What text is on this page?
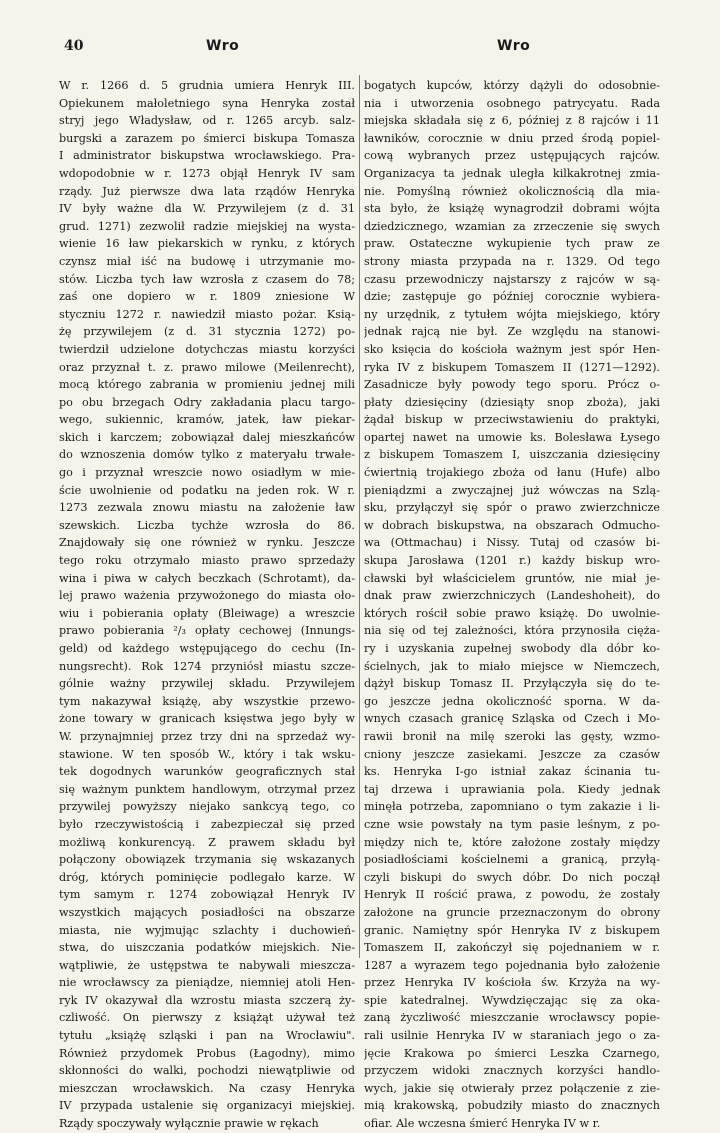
40	Wro	Wro
W r. 1266 d. 5 grudnia umiera Henryk III.
Opiekunem małoletniego syna Henryka został
stryj jego Władysław, od r. 1265 arcyb. salz-
burgski a zarazem po śmierci biskupa Tomasza
I administrator biskupstwa wrocławskiego. Pra-
wdopodobnie w r. 1273 objął Henryk IV sam
rządy. Już pierwsze dwa lata rządów Henryka
IV były ważne dla W. Przywilejem (z d. 31
grud. 1271) zezwolił radzie miejskiej na wysta-
wienie 16 ław piekarskich w rynku, z których
czynsz miał iść na budowę i utrzymanie mo-
stów. Liczba tych ław wzrosła z czasem do 78;
zaś one dopiero w r. 1809 zniesione W
styczniu 1272 r. nawiedził miasto pożar. Ksią-
żę przywilejem (z d. 31 stycznia 1272) po-
twierdził udzielone dotychczas miastu korzyści
oraz przyznał t. z. prawo milowe (Meilenrecht),
mocą którego zabrania w promieniu jednej mili
po obu brzegach Odry zakładania placu targo-
wego, sukiennic, kramów, jatek, ław piekar-
skich i karczem; zobowiązał dalej mieszkańców
do wznoszenia domów tylko z materyału trwałe-
go i przyznał wreszcie nowo osiadłym w mie-
ście uwolnienie od podatku na jeden rok. W r.
1273 zezwala znowu miastu na założenie ław
szewskich. Liczba tychże wzrosła do 86.
Znajdowały się one również w rynku. Jeszcze
tego roku otrzymało miasto prawo sprzedaży
wina i piwa w całych beczkach (Schrotamt), da-
lej prawo ważenia przywożonego do miasta oło-
wiu i pobierania opłaty (Bleiwage) a wreszcie
prawo pobierania ²/₃ opłaty cechowej (Innungs-
geld) od każdego wstępującego do cechu (In-
nungsrecht). Rok 1274 przyniósł miastu szcze-
gólnie ważny przywilej składu. Przywilejem
tym nakazywał książę, aby wszystkie przewo-
żone towary w granicach księstwa jego były w
W. przynajmniej przez trzy dni na sprzedaż wy-
stawione. W ten sposób W., który i tak wsku-
tek dogodnych warunków geograficznych stał
się ważnym punktem handlowym, otrzymał przez
przywilej powyższy niejako sankcyą tego, co
było rzeczywistością i zabezpieczał się przed
możliwą konkurencyą. Z prawem składu był
połączony obowiązek trzymania się wskazanych
dróg, których pominięcie podlegało karze. W
tym samym r. 1274 zobowiązał Henryk IV
wszystkich mających posiadłości na obszarze
miasta, nie wyjmując szlachty i duchowień-
stwa, do uiszczania podatków miejskich. Nie-
wątpliwie, że ustępstwa te nabywali mieszcza-
nie wrocławscy za pieniądze, niemniej atoli Hen-
ryk IV okazywał dla wzrostu miasta szczerą ży-
czliwość. On pierwszy z książąt używał też
tytułu „książę szląski i pan na Wrocławiu".
Również przydomek Probus (Łagodny), mimo
skłonności do walki, pochodzi niewątpliwie od
mieszczan wrocławskich. Na czasy Henryka
IV przypada ustalenie się organizacyi miejskiej.
Rządy spoczywały wyłącznie prawie w rękach
bogatych kupców, którzy dążyli do odosobnie-
nia i utworzenia osobnego patrycyatu. Rada
miejska składała się z 6, później z 8 rajców i 11
ławników, corocznie w dniu przed środą popiel-
cową wybranych przez ustępujących rajców.
Organizacya ta jednak uległa kilkakrotnej zmia-
nie. Pomyślną również okolicznością dla mia-
sta było, że książę wynagrodził dobrami wójta
dziedzicznego, wzamian za zrzeczenie się swych
praw. Ostateczne wykupienie tych praw ze
strony miasta przypada na r. 1329. Od tego
czasu przewodniczy najstarszy z rajców w są-
dzie; zastępuje go później corocznie wybiera-
ny urzędnik, z tytułem wójta miejskiego, który
jednak rajcą nie był. Ze względu na stanowi-
sko księcia do kościoła ważnym jest spór Hen-
ryka IV z biskupem Tomaszem II (1271—1292).
Zasadnicze były powody tego sporu. Prócz o-
płaty dziesięciny (dziesiąty snop zboża), jaki
żądał biskup w przeciwstawieniu do praktyki,
opartej nawet na umowie ks. Bolesława Łysego
z biskupem Tomaszem I, uiszczania dziesięciny
ćwiertnią trojakiego zboża od łanu (Hufe) albo
pieniądzmi a zwyczajnej już wówczas na Szlą-
sku, przyłączył się spór o prawo zwierzchnicze
w dobrach biskupstwa, na obszarach Odmucho-
wa (Ottmachau) i Nissy. Tutaj od czasów bi-
skupa Jarosława (1201 r.) każdy biskup wro-
cławski był właścicielem gruntów, nie miał je-
dnak praw zwierzchniczych (Landeshoheit), do
których rościł sobie prawo książę. Do uwolnie-
nia się od tej zależności, która przynosiła cięża-
ry i uzyskania zupełnej swobody dla dóbr ko-
ścielnych, jak to miało miejsce w Niemczech,
dążył biskup Tomasz II. Przyłączyła się do te-
go jeszcze jedna okoliczność sporna. W da-
wnych czasach granicę Szląska od Czech i Mo-
rawii bronił na milę szeroki las gęsty, wzmo-
cniony jeszcze zasiekami. Jeszcze za czasów
ks. Henryka I-go istniał zakaz ścinania tu-
taj drzewa i uprawiania pola. Kiedy jednak
minęła potrzeba, zapomniano o tym zakazie i li-
czne wsie powstały na tym pasie leśnym, z po-
między nich te, które założone zostały między
posiadłościami kościelnemi a granicą, przyłą-
czyli biskupi do swych dóbr. Do nich począł
Henryk II rościć prawa, z powodu, że zostały
założone na gruncie przeznaczonym do obrony
granic. Namiętny spór Henryka IV z biskupem
Tomaszem II, zakończył się pojednaniem w r.
1287 a wyrazem tego pojednania było założenie
przez Henryka IV kościoła św. Krzyża na wy-
spie katedralnej. Wywdzięczając się za oka-
zaną życzliwość mieszczanie wrocławscy popie-
rali usilnie Henryka IV w staraniach jego o za-
jęcie Krakowa po śmierci Leszka Czarnego,
przyczem widoki znacznych korzyści handlo-
wych, jakie się otwierały przez połączenie z zie-
mią krakowską, pobudziły miasto do znacznych
ofiar. Ale wczesna śmierć Henryka IV w r.
